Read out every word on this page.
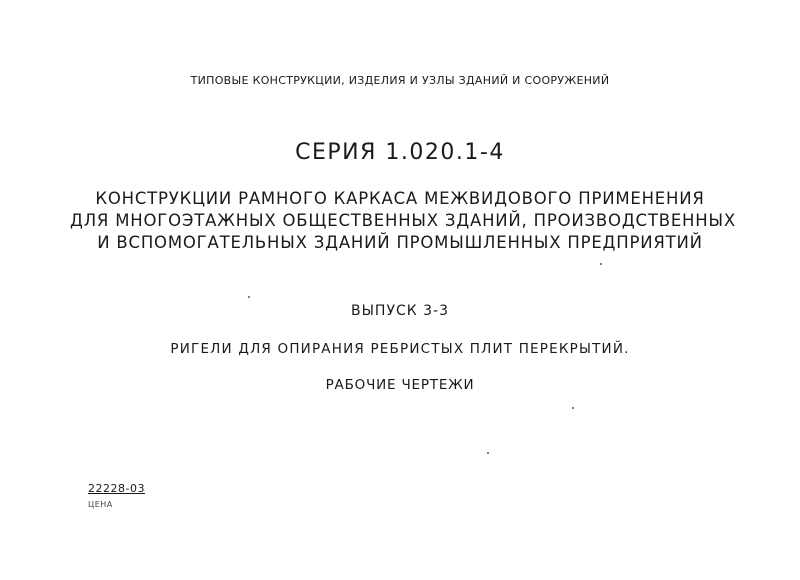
ТИПОВЫЕ КОНСТРУКЦИИ, ИЗДЕЛИЯ И УЗЛЫ ЗДАНИЙ И СООРУЖЕНИЙ
СЕРИЯ 1.020.1-4
КОНСТРУКЦИИ РАМНОГО КАРКАСА МЕЖВИДОВОГО ПРИМЕНЕНИЯ
ДЛЯ МНОГОЭТАЖНЫХ ОБЩЕСТВЕННЫХ ЗДАНИЙ, ПРОИЗВОДСТВЕННЫХ
И ВСПОМОГАТЕЛЬНЫХ ЗДАНИЙ ПРОМЫШЛЕННЫХ ПРЕДПРИЯТИЙ
ВЫПУСК 3-3
РИГЕЛИ ДЛЯ ОПИРАНИЯ РЕБРИСТЫХ ПЛИТ ПЕРЕКРЫТИЙ.
РАБОЧИЕ ЧЕРТЕЖИ
22228-03
ЦЕНА
